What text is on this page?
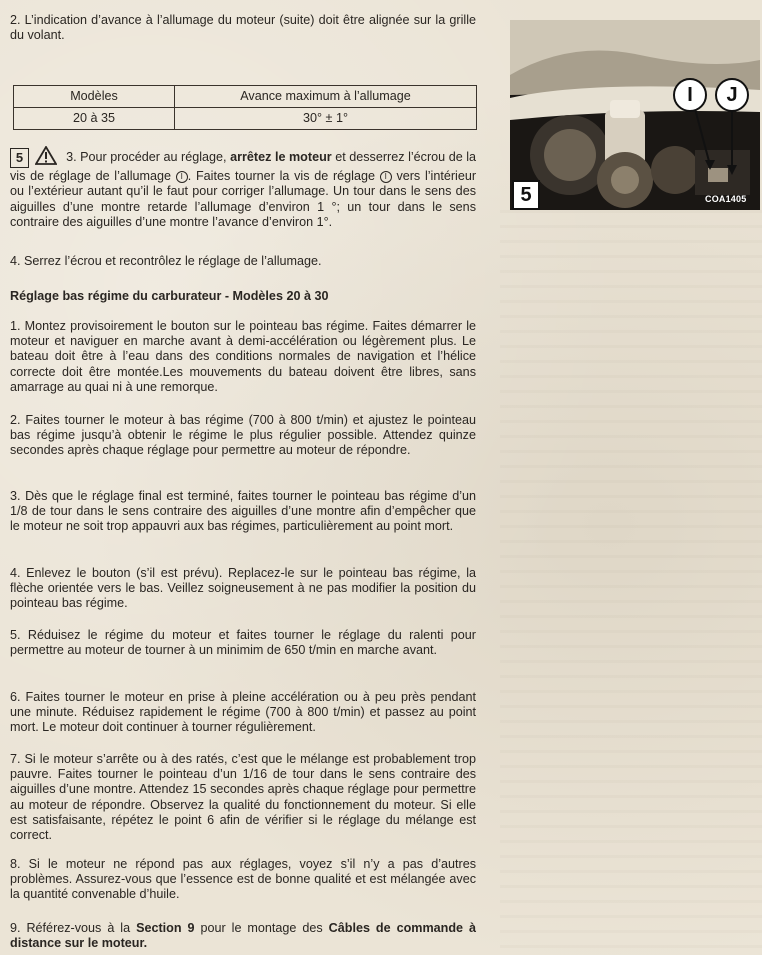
2. L’indication d’avance à l’allumage du moteur (suite) doit être alignée sur la grille du volant.

Modèles	Avance maximum à l’allumage
20 à 35	30° ± 1°

5	3. Pour procéder au réglage, arrêtez le moteur et desserrez l’écrou de la vis de réglage de l’allumage I . Faites tourner la vis de réglage I vers l’intérieur ou l’extérieur autant qu’il le faut pour corriger l’allumage. Un tour dans le sens des aiguilles d’une montre retarde l’allumage d’environ 1 °; un tour dans le sens contraire des aiguilles d’une montre l’avance d’environ 1°.

4. Serrez l’écrou et recontrôlez le réglage de l’allumage.

Réglage bas régime du carburateur - Modèles 20 à 30

1. Montez provisoirement le bouton sur le pointeau bas régime. Faites démarrer le moteur et naviguer en marche avant à demi-accélération ou légèrement plus. Le bateau doit être à l’eau dans des conditions normales de navigation et l’hélice correcte doit être montée.Les mouvements du bateau doivent être libres, sans amarrage au quai ni à une remorque.

2. Faites tourner le moteur à bas régime (700 à 800 t/min) et ajustez le pointeau bas régime jusqu’à obtenir le régime le plus régulier possible. Attendez quinze secondes après chaque réglage pour permettre au moteur de répondre.

3. Dès que le réglage final est terminé, faites tourner le pointeau bas régime d’un 1/8 de tour dans le sens contraire des aiguilles d’une montre afin d’empêcher que le moteur ne soit trop appauvri aux bas régimes, particulièrement au point mort.

4. Enlevez le bouton (s’il est prévu). Replacez-le sur le pointeau bas régime, la flèche orientée vers le bas. Veillez soigneusement à ne pas modifier la position du pointeau bas régime.

5. Réduisez le régime du moteur et faites tourner le réglage du ralenti pour permettre au moteur de tourner à un minimim de 650 t/min en marche avant.

6. Faites tourner le moteur en prise à pleine accélération ou à peu près pendant une minute. Réduisez rapidement le régime (700 à 800 t/min) et passez au point mort. Le moteur doit continuer à tourner régulièrement.

7. Si le moteur s’arrête ou à des ratés, c’est que le mélange est probablement trop pauvre. Faites tourner le pointeau d’un 1/16 de tour dans le sens contraire des aiguilles d’une montre. Attendez 15 secondes après chaque réglage pour permettre au moteur de répondre. Observez la qualité du fonctionnement du moteur. Si elle est satisfaisante, répétez le point 6 afin de vérifier si le réglage du mélange est correct.

8. Si le moteur ne répond pas aux réglages, voyez s’il n’y a pas d’autres problèmes. Assurez-vous que l’essence est de bonne qualité et est mélangée avec la quantité convenable d’huile.

9. Référez-vous à la Section 9 pour le montage des Câbles de commande à distance sur le moteur.

I	J
5	COA1405
